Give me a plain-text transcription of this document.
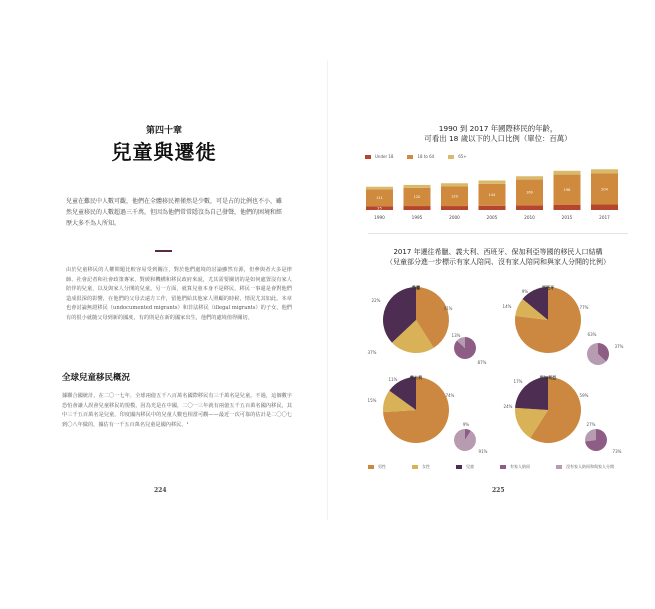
第四十章
兒童與遷徙
兒童在難民中人數可觀，他們在全體移民裡僅然是少數，可是占的比例也不小，雖然兒童移民的人數超過三千萬，但因為他們常常隱沒為自己發聲，他們的困境和經歷大多不為人所知。
由於兒童移民的人權問題比較容易受到關注，對於他們處境的討論雖然有源，但參與者大多是律師、社會記者和社會政策專家，對緩和機構和移民政府來說，尤其需要關切的是如何處置沒有家人陪伴的兒童，以及與家人分開的兒童。另一方面，就算兒童本身不是移民，移民一事還是會對他們造成很深的影響，在他們的父母去遠方工作，留他們給其他家人照顧的時候，情況尤其如此。本章也會討論無證移民（undocumented migrants）和非法移民（illegal migrants）的子女，他們有的很小就隨父母到新的國度，有的則是在新的國家出生，他們的處境值得關切。
全球兒童移民概況
據聯合國統計，在二〇一七年，全球兩億五千八百萬名國際移民有三千萬名是兒童。不過，這個數字恐怕會讓人誤會兒童移民的規模，因為光是在中國，二〇一三年就有兩億五千五百萬名國內移民，其中三千五百萬名是兒童，印度國內移民中的兒童人數也相當可觀——最近一次可靠的估計是二〇〇七到〇八年做的，據估有一千五百萬名兒童是國內移民。¹
224
1990 到 2017 年國際移民的年齡，
可看出 18 歲以下的人口比例（單位：百萬）
Under 18	18 to 64	65+
25
111
1990
120
1995
129
2000
144
2005
169
2010
198
2015
204
2017
2017 年遷往希臘、義大利、西班牙、保加利亞等國的移民人口結構
（兒童部分進一步標示有家人陪同、沒有家人陪同和與家人分開的比例）
希臘
41%
22%
37%
87%
13%
西班牙
77%
9%
14%
37%
63%
義大利
74%
11%
15%
9%
91%
保加利亞
59%
17%
24%
73%
27%
男性	女性	兒童	有家人陪同	沒有家人陪同和與家人分開
225
